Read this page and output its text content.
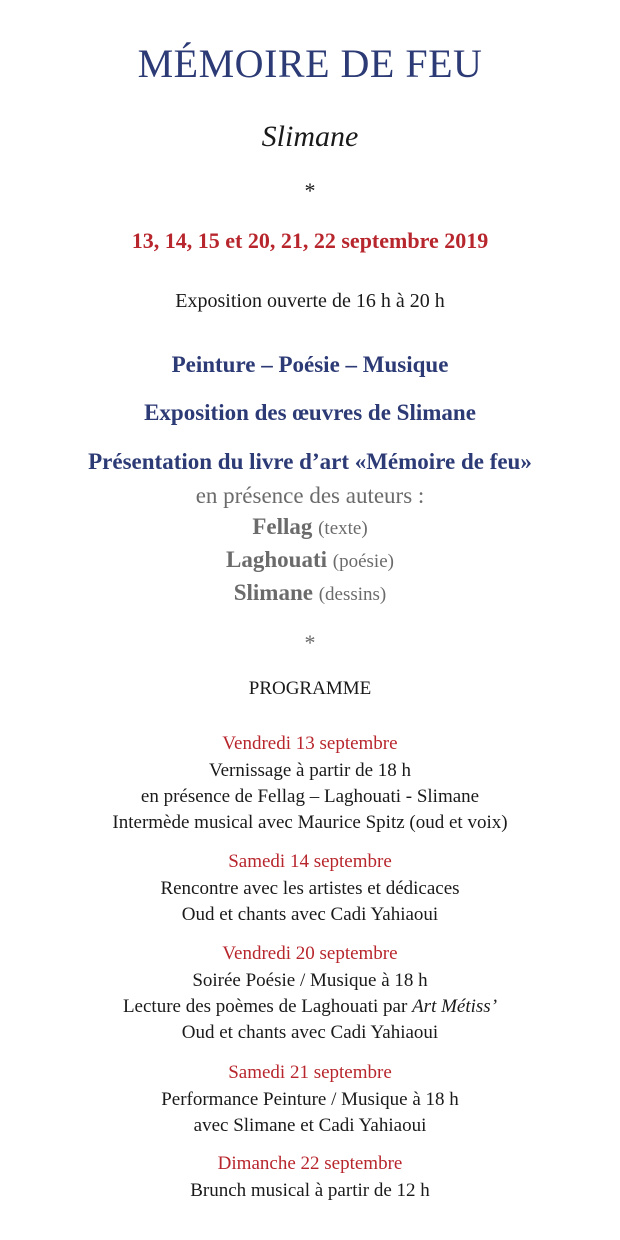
MÉMOIRE DE FEU
Slimane
*
13, 14, 15 et 20, 21, 22 septembre 2019
Exposition ouverte de 16 h à 20 h
Peinture – Poésie – Musique
Exposition des œuvres de Slimane
Présentation du livre d’art «Mémoire de feu»
en présence des auteurs :
Fellag (texte)
Laghouati (poésie)
Slimane (dessins)
*
PROGRAMME
Vendredi 13 septembre
Vernissage à partir de 18 h
en présence de Fellag – Laghouati - Slimane
Intermède musical avec Maurice Spitz (oud et voix)
Samedi 14 septembre
Rencontre avec les artistes et dédicaces
Oud et chants avec Cadi Yahiaoui
Vendredi 20 septembre
Soirée Poésie / Musique à 18 h
Lecture des poèmes de Laghouati par Art Métiss’
Oud et chants avec Cadi Yahiaoui
Samedi 21 septembre
Performance Peinture / Musique à 18 h
avec Slimane et Cadi Yahiaoui
Dimanche 22 septembre
Brunch musical à partir de 12 h
